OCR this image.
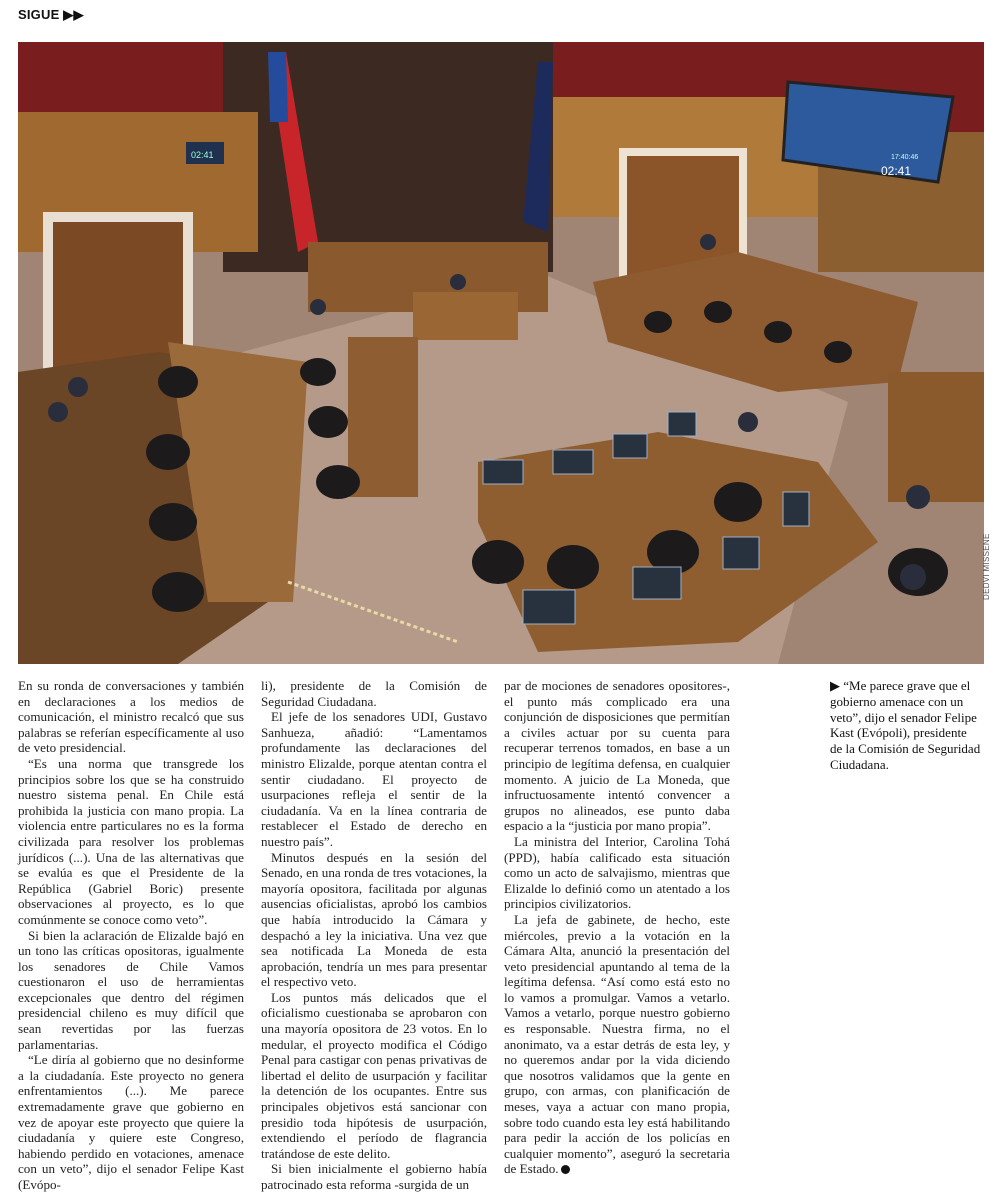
SIGUE ▶▶
02:41
17:40:46
02:41
DEDVI MISSENE

En su ronda de conversaciones y también en declaraciones a los medios de comunicación, el ministro recalcó que sus palabras se referían específicamente al uso de veto presidencial.

“Es una norma que transgrede los principios sobre los que se ha construido nuestro sistema penal. En Chile está prohibida la justicia con mano propia. La violencia entre particulares no es la forma civilizada para resolver los problemas jurídicos (...). Una de las alternativas que se evalúa es que el Presidente de la República (Gabriel Boric) presente observaciones al proyecto, es lo que comúnmente se conoce como veto”.

Si bien la aclaración de Elizalde bajó en un tono las críticas opositoras, igualmente los senadores de Chile Vamos cuestionaron el uso de herramientas excepcionales que dentro del régimen presidencial chileno es muy difícil que sean revertidas por las fuerzas parlamentarias.

“Le diría al gobierno que no desinforme a la ciudadanía. Este proyecto no genera enfrentamientos (...). Me parece extremadamente grave que gobierno en vez de apoyar este proyecto que quiere la ciudadanía y quiere este Congreso, habiendo perdido en votaciones, amenace con un veto”, dijo el senador Felipe Kast (Evópo-

li), presidente de la Comisión de Seguridad Ciudadana.

El jefe de los senadores UDI, Gustavo Sanhueza, añadió: “Lamentamos profundamente las declaraciones del ministro Elizalde, porque atentan contra el sentir ciudadano. El proyecto de usurpaciones refleja el sentir de la ciudadanía. Va en la línea contraria de restablecer el Estado de derecho en nuestro país”.

Minutos después en la sesión del Senado, en una ronda de tres votaciones, la mayoría opositora, facilitada por algunas ausencias oficialistas, aprobó los cambios que había introducido la Cámara y despachó a ley la iniciativa. Una vez que sea notificada La Moneda de esta aprobación, tendría un mes para presentar el respectivo veto.

Los puntos más delicados que el oficialismo cuestionaba se aprobaron con una mayoría opositora de 23 votos. En lo medular, el proyecto modifica el Código Penal para castigar con penas privativas de libertad el delito de usurpación y facilitar la detención de los ocupantes. Entre sus principales objetivos está sancionar con presidio toda hipótesis de usurpación, extendiendo el período de flagrancia tratándose de este delito.

Si bien inicialmente el gobierno había patrocinado esta reforma -surgida de un

par de mociones de senadores opositores-, el punto más complicado era una conjunción de disposiciones que permitían a civiles actuar por su cuenta para recuperar terrenos tomados, en base a un principio de legítima defensa, en cualquier momento. A juicio de La Moneda, que infructuosamente intentó convencer a grupos no alineados, ese punto daba espacio a la “justicia por mano propia”.

La ministra del Interior, Carolina Tohá (PPD), había calificado esta situación como un acto de salvajismo, mientras que Elizalde lo definió como un atentado a los principios civilizatorios.

La jefa de gabinete, de hecho, este miércoles, previo a la votación en la Cámara Alta, anunció la presentación del veto presidencial apuntando al tema de la legítima defensa. “Así como está esto no lo vamos a promulgar. Vamos a vetarlo. Vamos a vetarlo, porque nuestro gobierno es responsable. Nuestra firma, no el anonimato, va a estar detrás de esta ley, y no queremos andar por la vida diciendo que nosotros validamos que la gente en grupo, con armas, con planificación de meses, vaya a actuar con mano propia, sobre todo cuando esta ley está habilitando para pedir la acción de los policías en cualquier momento”, aseguró la secretaria de Estado.

▶ “Me parece grave que el gobierno amenace con un veto”, dijo el senador Felipe Kast (Evópoli), presidente de la Comisión de Seguridad Ciudadana.
